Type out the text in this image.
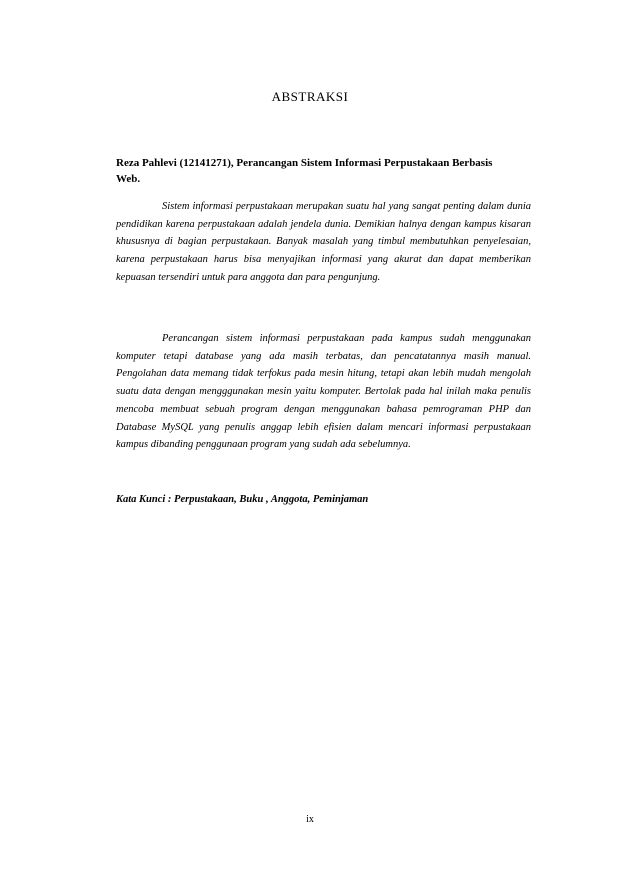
ABSTRAKSI
Reza Pahlevi (12141271), Perancangan Sistem Informasi Perpustakaan Berbasis Web.

Sistem informasi perpustakaan merupakan suatu hal yang sangat penting dalam dunia pendidikan karena perpustakaan adalah jendela dunia. Demikian halnya dengan kampus kisaran khususnya di bagian perpustakaan. Banyak masalah yang timbul membutuhkan penyelesaian, karena perpustakaan harus bisa menyajikan informasi yang akurat dan dapat memberikan kepuasan tersendiri untuk para anggota dan para pengunjung.

Perancangan sistem informasi perpustakaan pada kampus sudah menggunakan komputer tetapi database yang ada masih terbatas, dan pencatatannya masih manual. Pengolahan data memang tidak terfokus pada mesin hitung, tetapi akan lebih mudah mengolah suatu data dengan mengggunakan mesin yaitu komputer. Bertolak pada hal inilah maka penulis mencoba membuat sebuah program dengan menggunakan bahasa pemrograman PHP dan Database MySQL yang penulis anggap lebih efisien dalam mencari informasi perpustakaan kampus dibanding penggunaan program yang sudah ada sebelumnya.

Kata Kunci : Perpustakaan, Buku , Anggota, Peminjaman
ix
